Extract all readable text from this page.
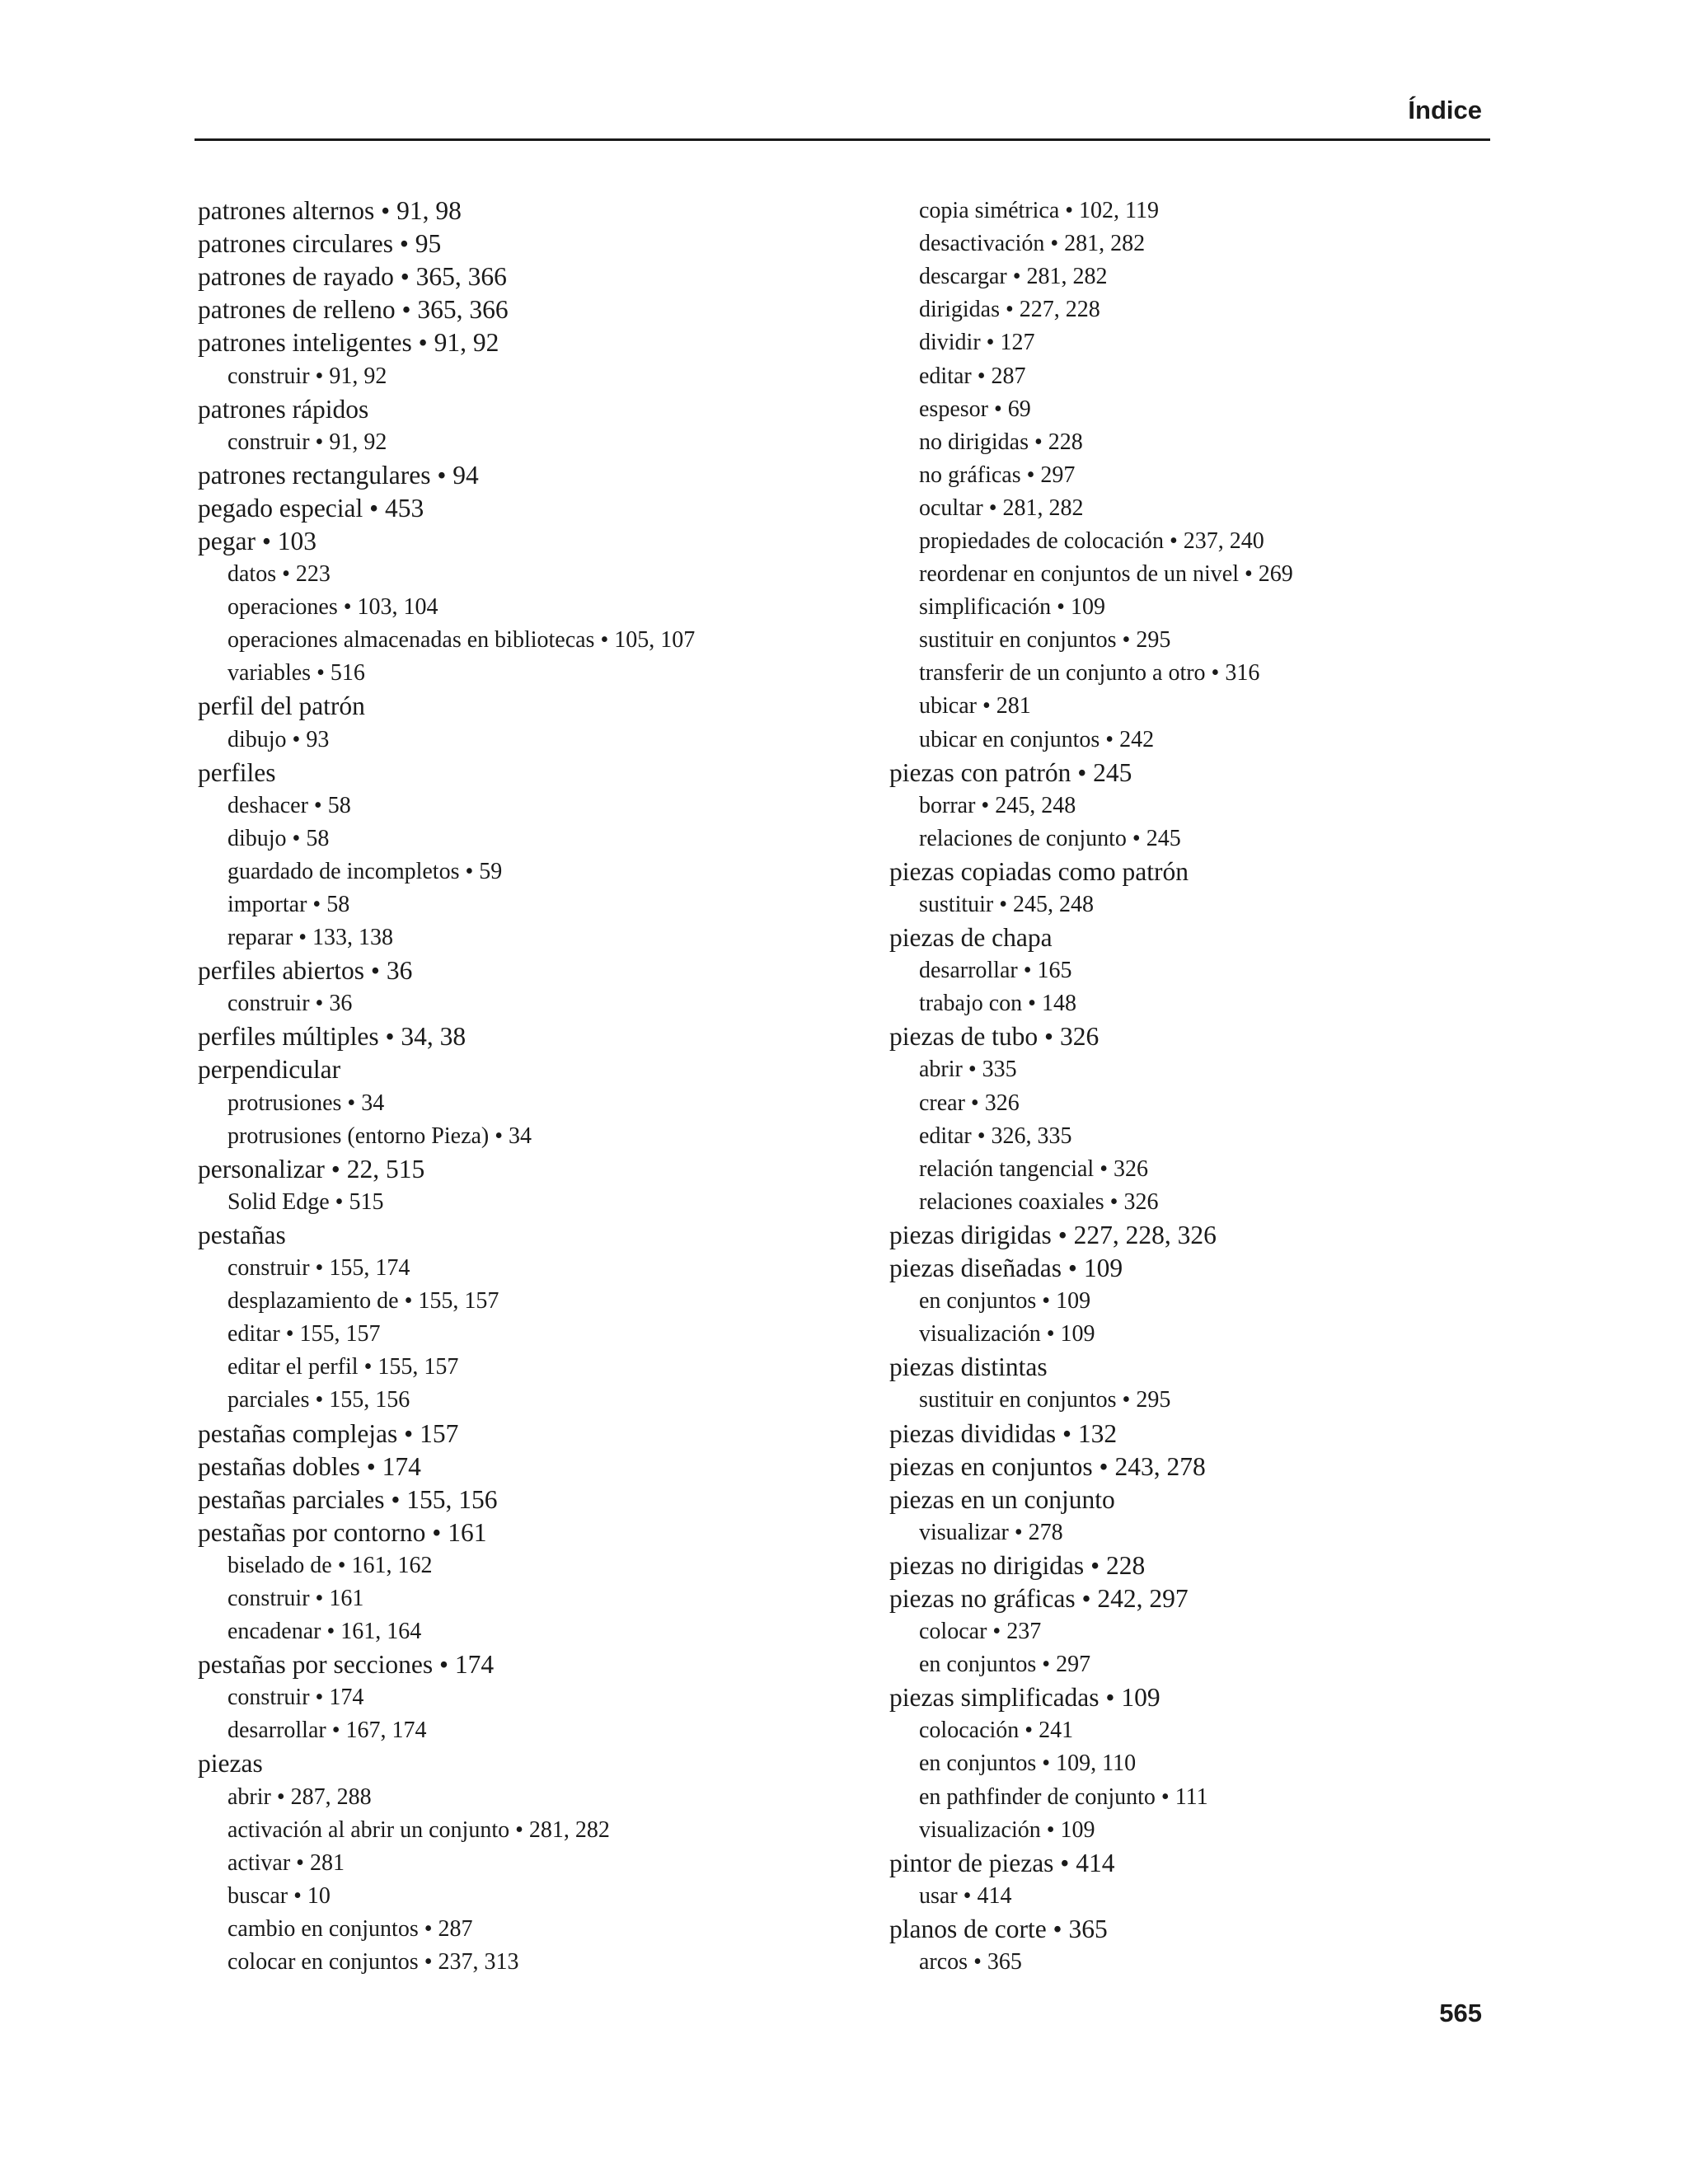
Índice
patrones alternos • 91, 98
patrones circulares • 95
patrones de rayado • 365, 366
patrones de relleno • 365, 366
patrones inteligentes • 91, 92
construir • 91, 92
patrones rápidos
construir • 91, 92
patrones rectangulares • 94
pegado especial • 453
pegar • 103
datos • 223
operaciones • 103, 104
operaciones almacenadas en bibliotecas • 105, 107
variables • 516
perfil del patrón
dibujo • 93
perfiles
deshacer • 58
dibujo • 58
guardado de incompletos • 59
importar • 58
reparar • 133, 138
perfiles abiertos • 36
construir • 36
perfiles múltiples • 34, 38
perpendicular
protrusiones • 34
protrusiones (entorno Pieza) • 34
personalizar • 22, 515
Solid Edge • 515
pestañas
construir • 155, 174
desplazamiento de • 155, 157
editar • 155, 157
editar el perfil • 155, 157
parciales • 155, 156
pestañas complejas • 157
pestañas dobles • 174
pestañas parciales • 155, 156
pestañas por contorno • 161
biselado de • 161, 162
construir • 161
encadenar • 161, 164
pestañas por secciones • 174
construir • 174
desarrollar • 167, 174
piezas
abrir • 287, 288
activación al abrir un conjunto • 281, 282
activar • 281
buscar • 10
cambio en conjuntos • 287
colocar en conjuntos • 237, 313
copia simétrica • 102, 119
desactivación • 281, 282
descargar • 281, 282
dirigidas • 227, 228
dividir • 127
editar • 287
espesor • 69
no dirigidas • 228
no gráficas • 297
ocultar • 281, 282
propiedades de colocación • 237, 240
reordenar en conjuntos de un nivel • 269
simplificación • 109
sustituir en conjuntos • 295
transferir de un conjunto a otro • 316
ubicar • 281
ubicar en conjuntos • 242
piezas con patrón • 245
borrar • 245, 248
relaciones de conjunto • 245
piezas copiadas como patrón
sustituir • 245, 248
piezas de chapa
desarrollar • 165
trabajo con • 148
piezas de tubo • 326
abrir • 335
crear • 326
editar • 326, 335
relación tangencial • 326
relaciones coaxiales • 326
piezas dirigidas • 227, 228, 326
piezas diseñadas • 109
en conjuntos • 109
visualización • 109
piezas distintas
sustituir en conjuntos • 295
piezas divididas • 132
piezas en conjuntos • 243, 278
piezas en un conjunto
visualizar • 278
piezas no dirigidas • 228
piezas no gráficas • 242, 297
colocar • 237
en conjuntos • 297
piezas simplificadas • 109
colocación • 241
en conjuntos • 109, 110
en pathfinder de conjunto • 111
visualización • 109
pintor de piezas • 414
usar • 414
planos de corte • 365
arcos • 365
565
